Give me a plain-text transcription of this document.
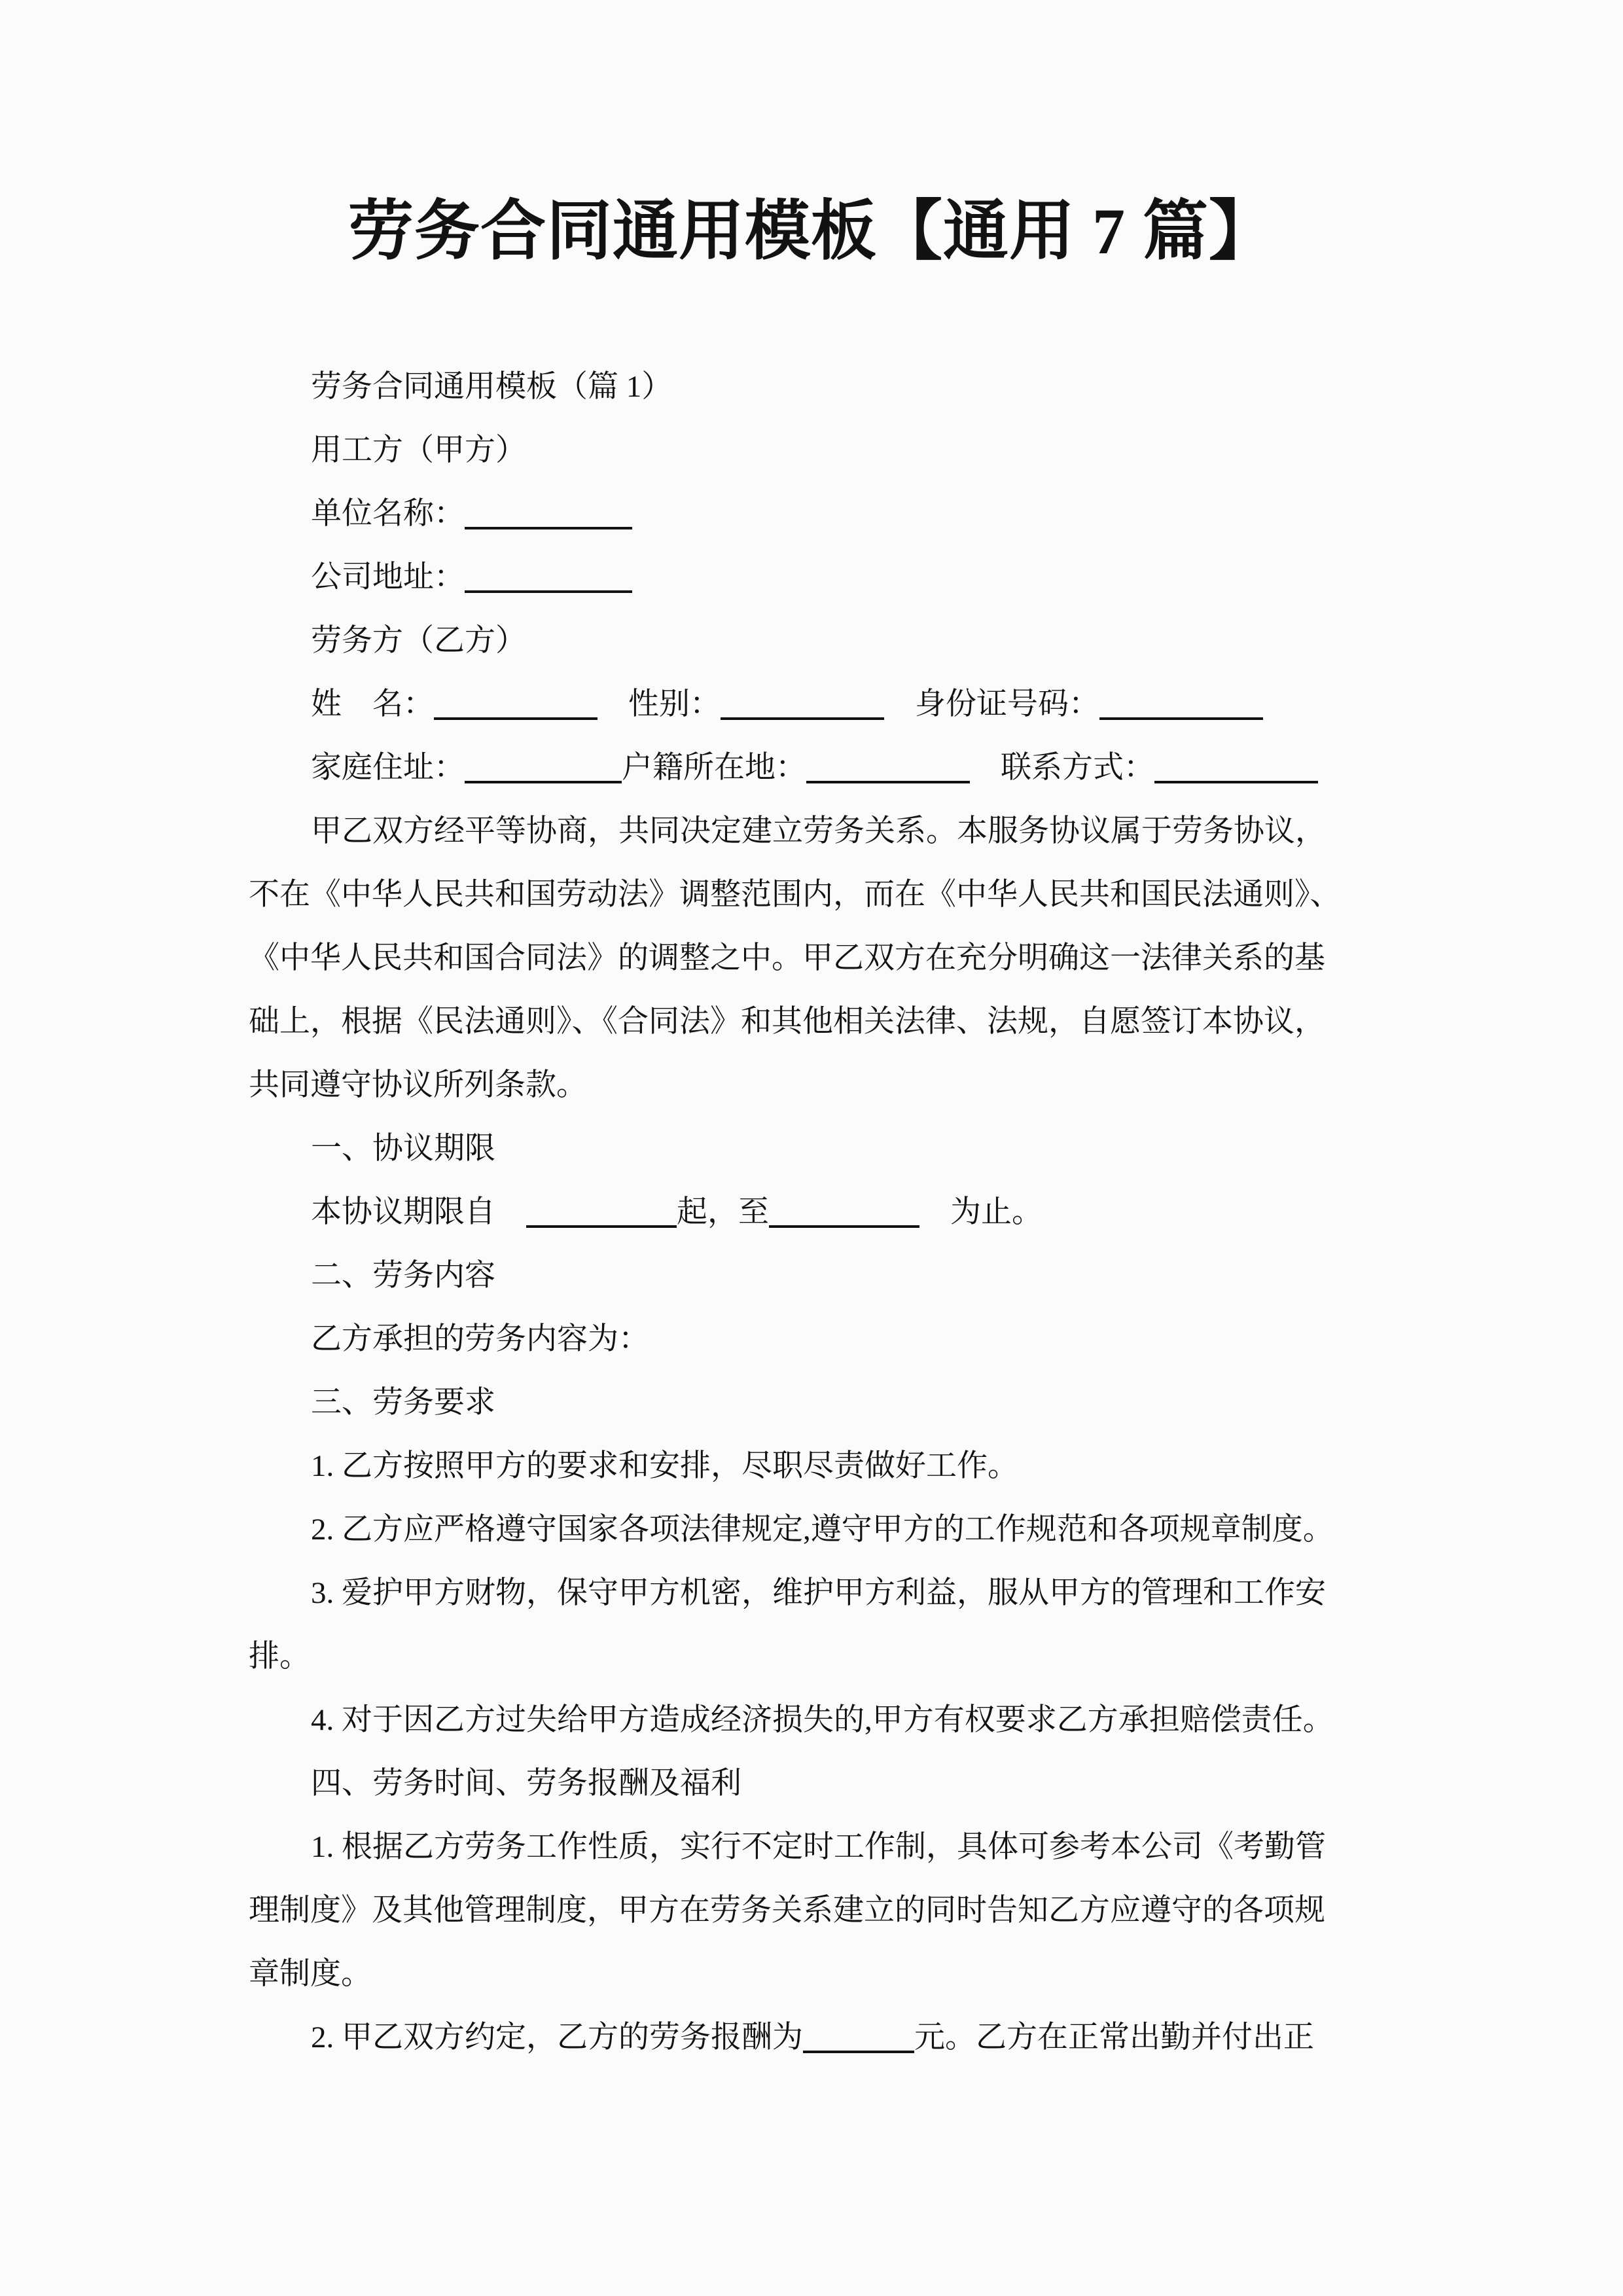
劳务合同通用模板【通用 7 篇】
劳务合同通用模板（篇 1）
用工方（甲方）
单位名称：
公司地址：
劳务方（乙方）
姓　名：	　性别：	　身份证号码：
家庭住址：	户籍所在地：	　联系方式：
甲乙双方经平等协商，共同决定建立劳务关系。本服务协议属于劳务协议，
不在《中华人民共和国劳动法》调整范围内，而在《中华人民共和国民法通则》、
《中华人民共和国合同法》的调整之中。甲乙双方在充分明确这一法律关系的基
础上，根据《民法通则》、《合同法》和其他相关法律、法规，自愿签订本协议，
共同遵守协议所列条款。
一、协议期限
本协议期限自　	起，至	　为止。
二、劳务内容
乙方承担的劳务内容为：
三、劳务要求
1. 乙方按照甲方的要求和安排，尽职尽责做好工作。
2. 乙方应严格遵守国家各项法律规定,遵守甲方的工作规范和各项规章制度。
3. 爱护甲方财物，保守甲方机密，维护甲方利益，服从甲方的管理和工作安
排。
4. 对于因乙方过失给甲方造成经济损失的,甲方有权要求乙方承担赔偿责任。
四、劳务时间、劳务报酬及福利
1. 根据乙方劳务工作性质，实行不定时工作制，具体可参考本公司《考勤管
理制度》及其他管理制度，甲方在劳务关系建立的同时告知乙方应遵守的各项规
章制度。
2. 甲乙双方约定，乙方的劳务报酬为	元。乙方在正常出勤并付出正
